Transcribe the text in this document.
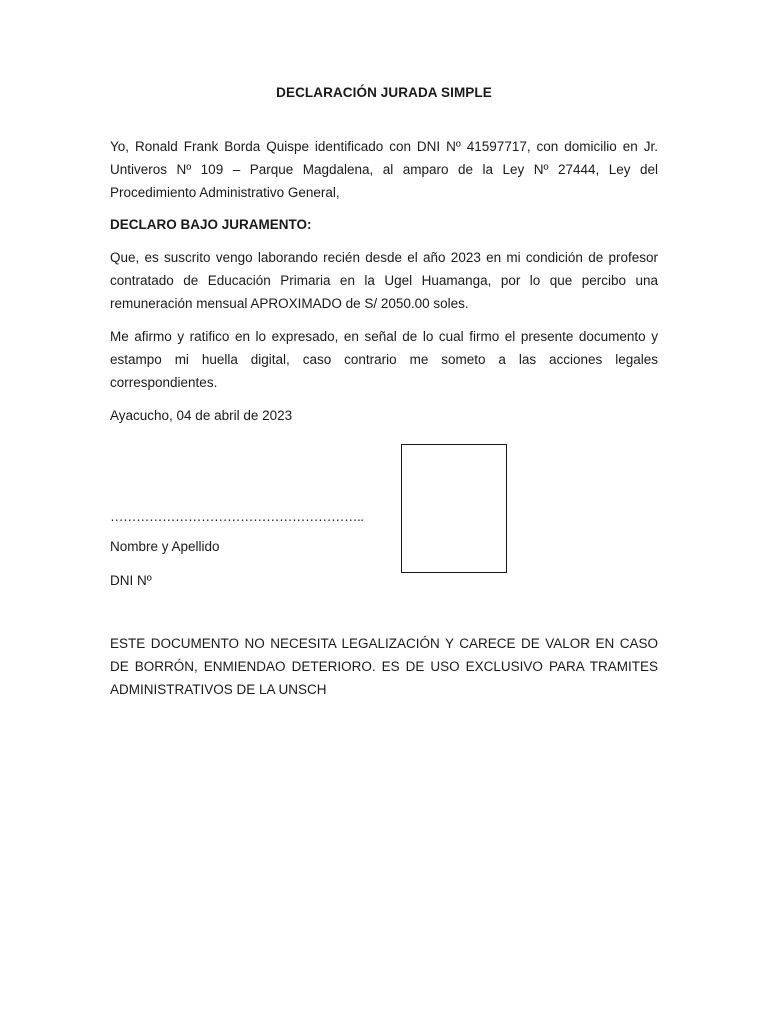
DECLARACIÓN JURADA SIMPLE

Yo, Ronald Frank Borda Quispe identificado con DNI Nº 41597717, con domicilio en Jr. Untiveros Nº 109 – Parque Magdalena, al amparo de la Ley Nº 27444, Ley del Procedimiento Administrativo General,

DECLARO BAJO JURAMENTO:

Que, es suscrito vengo laborando recién desde el año 2023 en mi condición de profesor contratado de Educación Primaria en la Ugel Huamanga, por lo que percibo una remuneración mensual APROXIMADO de S/ 2050.00 soles.

Me afirmo y ratifico en lo expresado, en señal de lo cual firmo el presente documento y estampo mi huella digital, caso contrario me someto a las acciones legales correspondientes.

Ayacucho, 04 de abril de 2023

…………………………………………………..

Nombre y Apellido

DNI Nº

ESTE DOCUMENTO NO NECESITA LEGALIZACIÓN Y CARECE DE VALOR EN CASO DE BORRÓN, ENMIENDAO DETERIORO. ES DE USO EXCLUSIVO PARA TRAMITES ADMINISTRATIVOS DE LA UNSCH
